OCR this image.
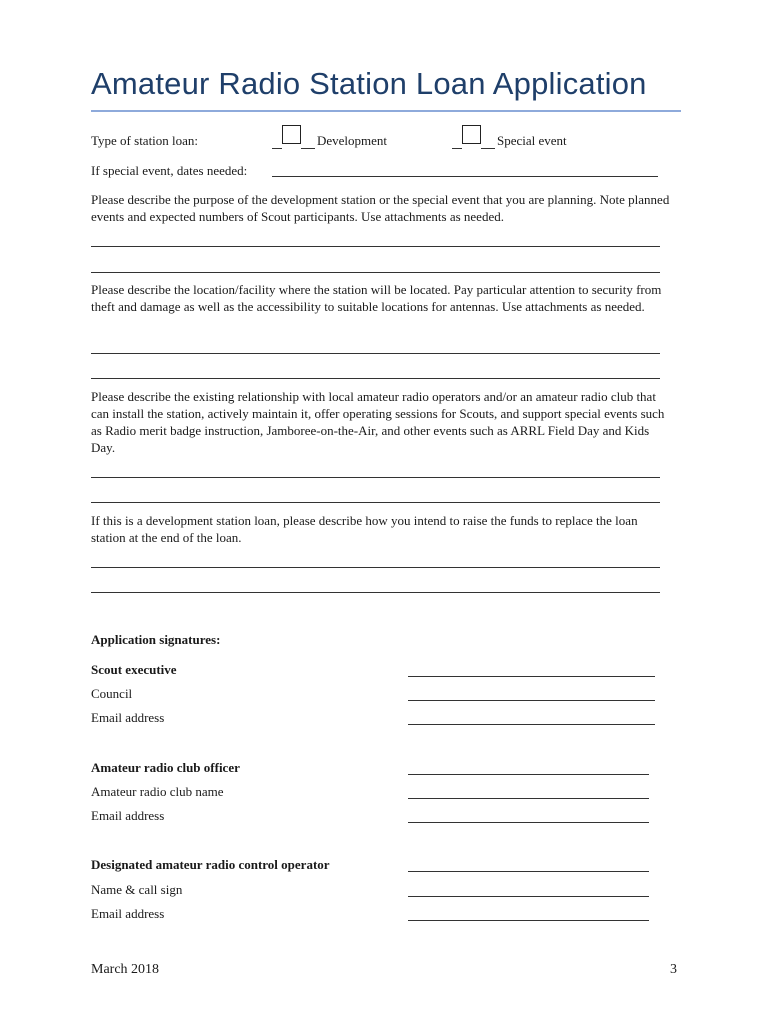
Amateur Radio Station Loan Application
Type of station loan:	Development	Special event
If special event, dates needed:
Please describe the purpose of the development station or the special event that you are planning. Note planned events and expected numbers of Scout participants. Use attachments as needed.
Please describe the location/facility where the station will be located. Pay particular attention to security from theft and damage as well as the accessibility to suitable locations for antennas. Use attachments as needed.
Please describe the existing relationship with local amateur radio operators and/or an amateur radio club that can install the station, actively maintain it, offer operating sessions for Scouts, and support special events such as Radio merit badge instruction, Jamboree-on-the-Air, and other events such as ARRL Field Day and Kids Day.
If this is a development station loan, please describe how you intend to raise the funds to replace the loan station at the end of the loan.
Application signatures:
Scout executive
Council
Email address
Amateur radio club officer
Amateur radio club name
Email address
Designated amateur radio control operator
Name & call sign
Email address
March 2018	3
